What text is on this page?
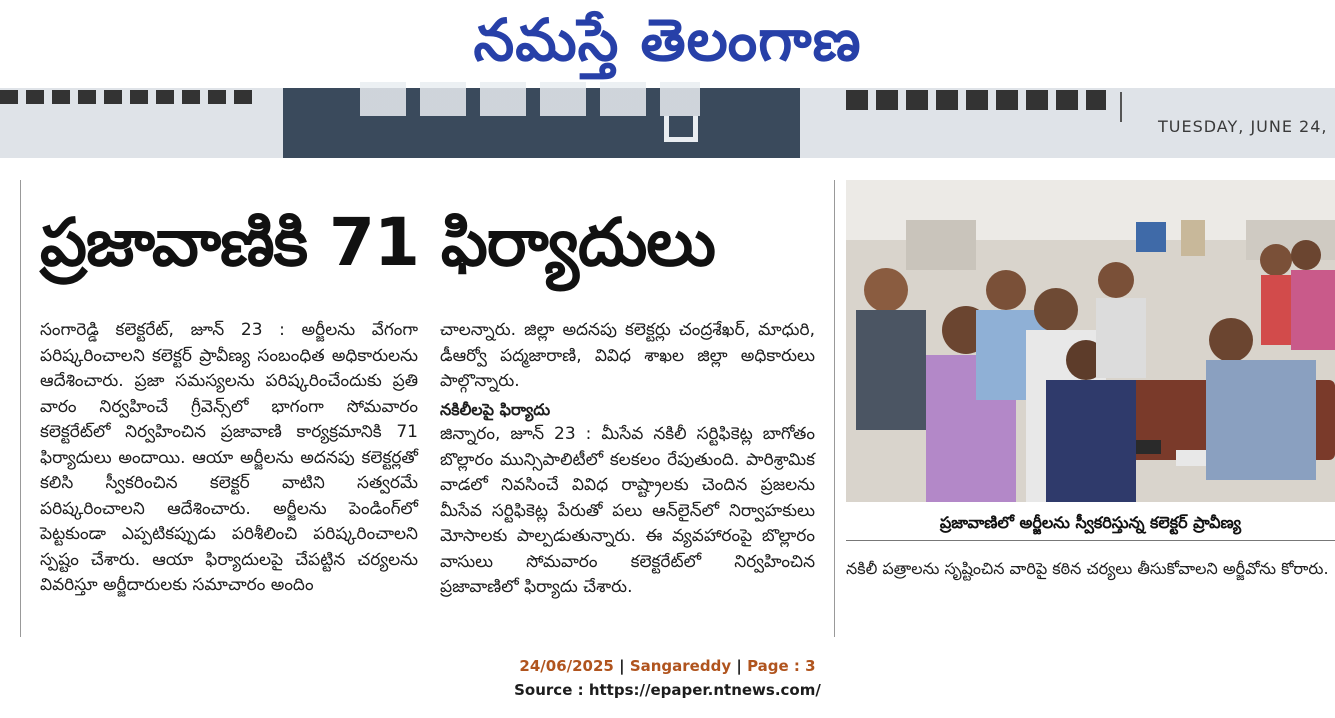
నమస్తే తెలంగాణ
TUESDAY, JUNE 24,
ప్రజావాణికి 71 ఫిర్యాదులు
సంగారెడ్డి కలెక్టరేట్, జూన్ 23 : అర్జీలను వేగంగా పరిష్కరించాలని కలెక్టర్ ప్రావీణ్య సంబంధిత అధికారులను ఆదేశించారు. ప్రజా సమస్యలను పరిష్కరించేందుకు ప్రతి వారం నిర్వహించే గ్రీవెన్స్‌లో భాగంగా సోమవారం కలెక్టరేట్‌లో నిర్వహించిన ప్రజావాణి కార్యక్రమానికి 71 ఫిర్యాదులు అందాయి. ఆయా అర్జీలను అదనపు కలెక్టర్లతో కలిసి స్వీకరించిన కలెక్టర్ వాటిని సత్వరమే పరిష్కరించాలని ఆదేశించారు. అర్జీలను పెండింగ్‌లో పెట్టకుండా ఎప్పటికప్పుడు పరిశీలించి పరిష్కరించాలని స్పష్టం చేశారు. ఆయా ఫిర్యాదులపై చేపట్టిన చర్యలను వివరిస్తూ అర్జీదారులకు సమాచారం అందిం
చాలన్నారు. జిల్లా అదనపు కలెక్టర్లు చంద్రశేఖర్, మాధురి, డీఆర్వో పద్మజారాణి, వివిధ శాఖల జిల్లా అధికారులు పాల్గొన్నారు.
నకిలీలపై ఫిర్యాదు
జిన్నారం, జూన్ 23 : మీసేవ నకిలీ సర్టిఫికెట్ల బాగోతం బొల్లారం మున్సిపాలిటీలో కలకలం రేపుతుంది. పారిశ్రామిక వాడలో నివసించే వివిధ రాష్ట్రాలకు చెందిన ప్రజలను మీసేవ సర్టిఫికెట్ల పేరుతో పలు ఆన్‌లైన్‌లో నిర్వాహకులు మోసాలకు పాల్పడుతున్నారు. ఈ వ్యవహారంపై బొల్లారం వాసులు సోమవారం కలెక్టరేట్‌లో నిర్వహించిన ప్రజావాణిలో ఫిర్యాదు చేశారు.
ప్రజావాణిలో అర్జీలను స్వీకరిస్తున్న కలెక్టర్ ప్రావీణ్య
నకిలీ పత్రాలను సృష్టించిన వారిపై కఠిన చర్యలు తీసుకోవాలని అర్జీవోను కోరారు.
24/06/2025 | Sangareddy | Page : 3
Source : https://epaper.ntnews.com/
